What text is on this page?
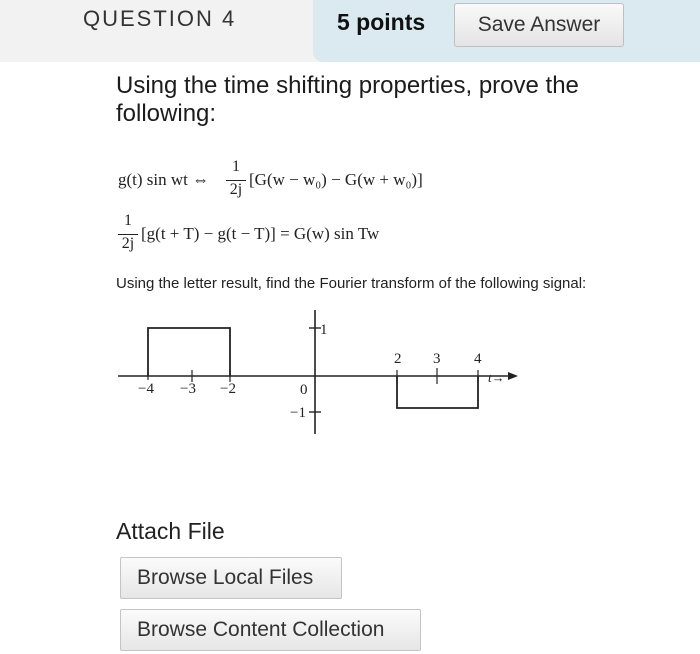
QUESTION 4	5 points	Save Answer
Using the time shifting properties, prove the following:
g(t) sin wt ⇔
1
2j
[G(w − w₀) − G(w + w₀)]
1
2j
[g(t + T) − g(t − T)] = G(w) sin Tw
Using the letter result, find the Fourier transform of the following signal:
−4 −3 −2	0
2 3 4
1
−1
t→
Attach File
Browse Local Files
Browse Content Collection
